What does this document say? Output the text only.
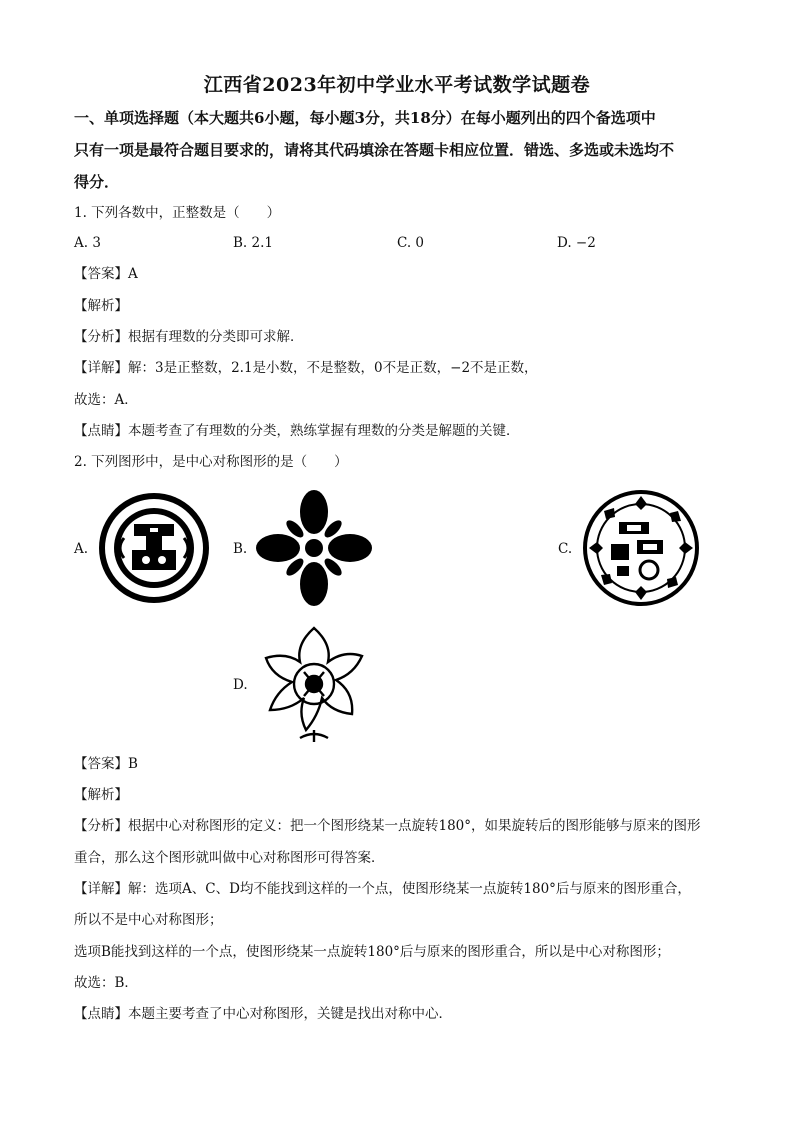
江西省2023年初中学业水平考试数学试题卷
一、单项选择题（本大题共6小题，每小题3分，共18分）在每小题列出的四个备选项中
只有一项是最符合题目要求的，请将其代码填涂在答题卡相应位置．错选、多选或未选均不
得分．
1. 下列各数中，正整数是（　　）
A. 3	B. 2.1	C. 0	D. −2
【答案】A
【解析】
【分析】根据有理数的分类即可求解．
【详解】解：3是正整数，2.1是小数，不是整数，0不是正数，−2不是正数，
故选：A．
【点睛】本题考查了有理数的分类，熟练掌握有理数的分类是解题的关键．
2. 下列图形中，是中心对称图形的是（　　）
A.	B.	C.
D.
【答案】B
【解析】
【分析】根据中心对称图形的定义：把一个图形绕某一点旋转180°，如果旋转后的图形能够与原来的图形
重合，那么这个图形就叫做中心对称图形可得答案．
【详解】解：选项A、C、D均不能找到这样的一个点，使图形绕某一点旋转180°后与原来的图形重合，
所以不是中心对称图形；
选项B能找到这样的一个点，使图形绕某一点旋转180°后与原来的图形重合，所以是中心对称图形；
故选：B．
【点睛】本题主要考查了中心对称图形，关键是找出对称中心．
